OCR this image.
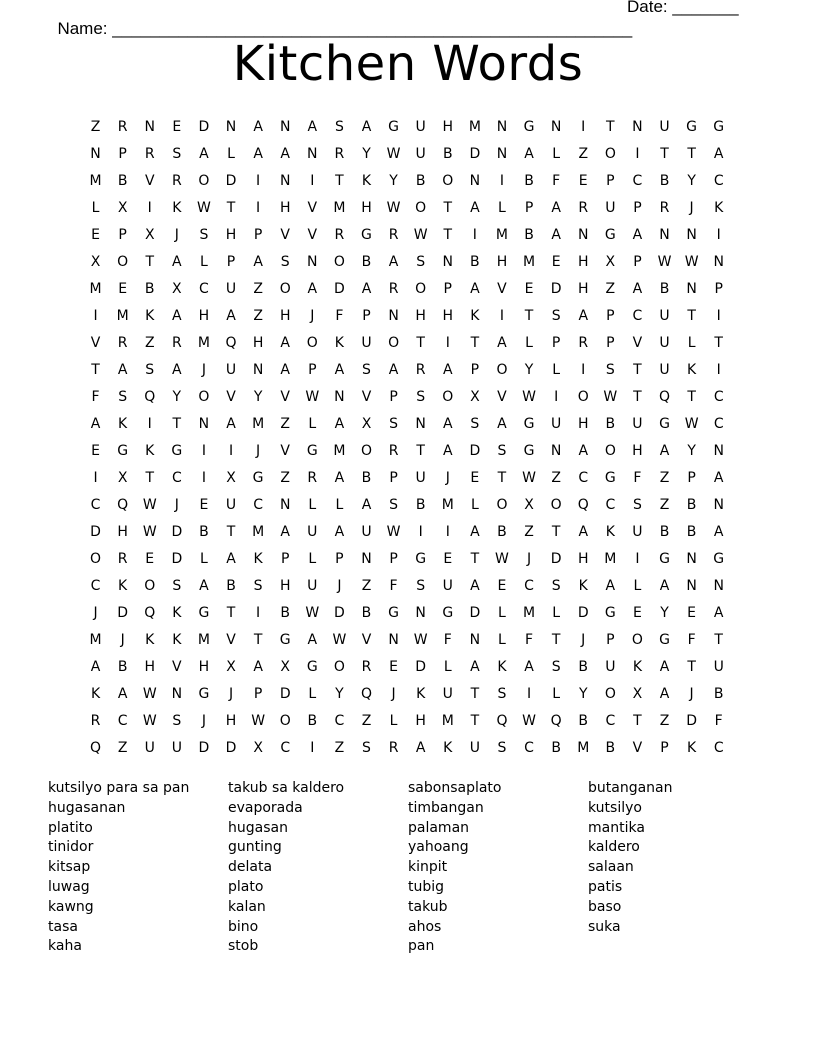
Name: _______________________________________________________

Date: _______

Kitchen Words
Z	R	N	E	D	N	A	N	A	S	A	G	U	H	M	N	G	N	I	T	N	U	G	G
N	P	R	S	A	L	A	A	N	R	Y	W	U	B	D	N	A	L	Z	O	I	T	T	A
M	B	V	R	O	D	I	N	I	T	K	Y	B	O	N	I	B	F	E	P	C	B	Y	C
L	X	I	K	W	T	I	H	V	M	H	W	O	T	A	L	P	A	R	U	P	R	J	K
E	P	X	J	S	H	P	V	V	R	G	R	W	T	I	M	B	A	N	G	A	N	N	I
X	O	T	A	L	P	A	S	N	O	B	A	S	N	B	H	M	E	H	X	P	W	W	N
M	E	B	X	C	U	Z	O	A	D	A	R	O	P	A	V	E	D	H	Z	A	B	N	P
I	M	K	A	H	A	Z	H	J	F	P	N	H	H	K	I	T	S	A	P	C	U	T	I
V	R	Z	R	M	Q	H	A	O	K	U	O	T	I	T	A	L	P	R	P	V	U	L	T
T	A	S	A	J	U	N	A	P	A	S	A	R	A	P	O	Y	L	I	S	T	U	K	I
F	S	Q	Y	O	V	Y	V	W	N	V	P	S	O	X	V	W	I	O	W	T	Q	T	C
A	K	I	T	N	A	M	Z	L	A	X	S	N	A	S	A	G	U	H	B	U	G	W	C
E	G	K	G	I	I	J	V	G	M	O	R	T	A	D	S	G	N	A	O	H	A	Y	N
I	X	T	C	I	X	G	Z	R	A	B	P	U	J	E	T	W	Z	C	G	F	Z	P	A
C	Q	W	J	E	U	C	N	L	L	A	S	B	M	L	O	X	O	Q	C	S	Z	B	N
D	H	W	D	B	T	M	A	U	A	U	W	I	I	A	B	Z	T	A	K	U	B	B	A
O	R	E	D	L	A	K	P	L	P	N	P	G	E	T	W	J	D	H	M	I	G	N	G
C	K	O	S	A	B	S	H	U	J	Z	F	S	U	A	E	C	S	K	A	L	A	N	N
J	D	Q	K	G	T	I	B	W	D	B	G	N	G	D	L	M	L	D	G	E	Y	E	A
M	J	K	K	M	V	T	G	A	W	V	N	W	F	N	L	F	T	J	P	O	G	F	T
A	B	H	V	H	X	A	X	G	O	R	E	D	L	A	K	A	S	B	U	K	A	T	U
K	A	W	N	G	J	P	D	L	Y	Q	J	K	U	T	S	I	L	Y	O	X	A	J	B
R	C	W	S	J	H	W	O	B	C	Z	L	H	M	T	Q	W	Q	B	C	T	Z	D	F
Q	Z	U	U	D	D	X	C	I	Z	S	R	A	K	U	S	C	B	M	B	V	P	K	C
kutsilyo para sa pan
hugasanan
platito
tinidor
kitsap
luwag
kawng
tasa
kaha
takub sa kaldero
evaporada
hugasan
gunting
delata
plato
kalan
bino
stob
sabonsaplato
timbangan
palaman
yahoang
kinpit
tubig
takub
ahos
pan
butanganan
kutsilyo
mantika
kaldero
salaan
patis
baso
suka
